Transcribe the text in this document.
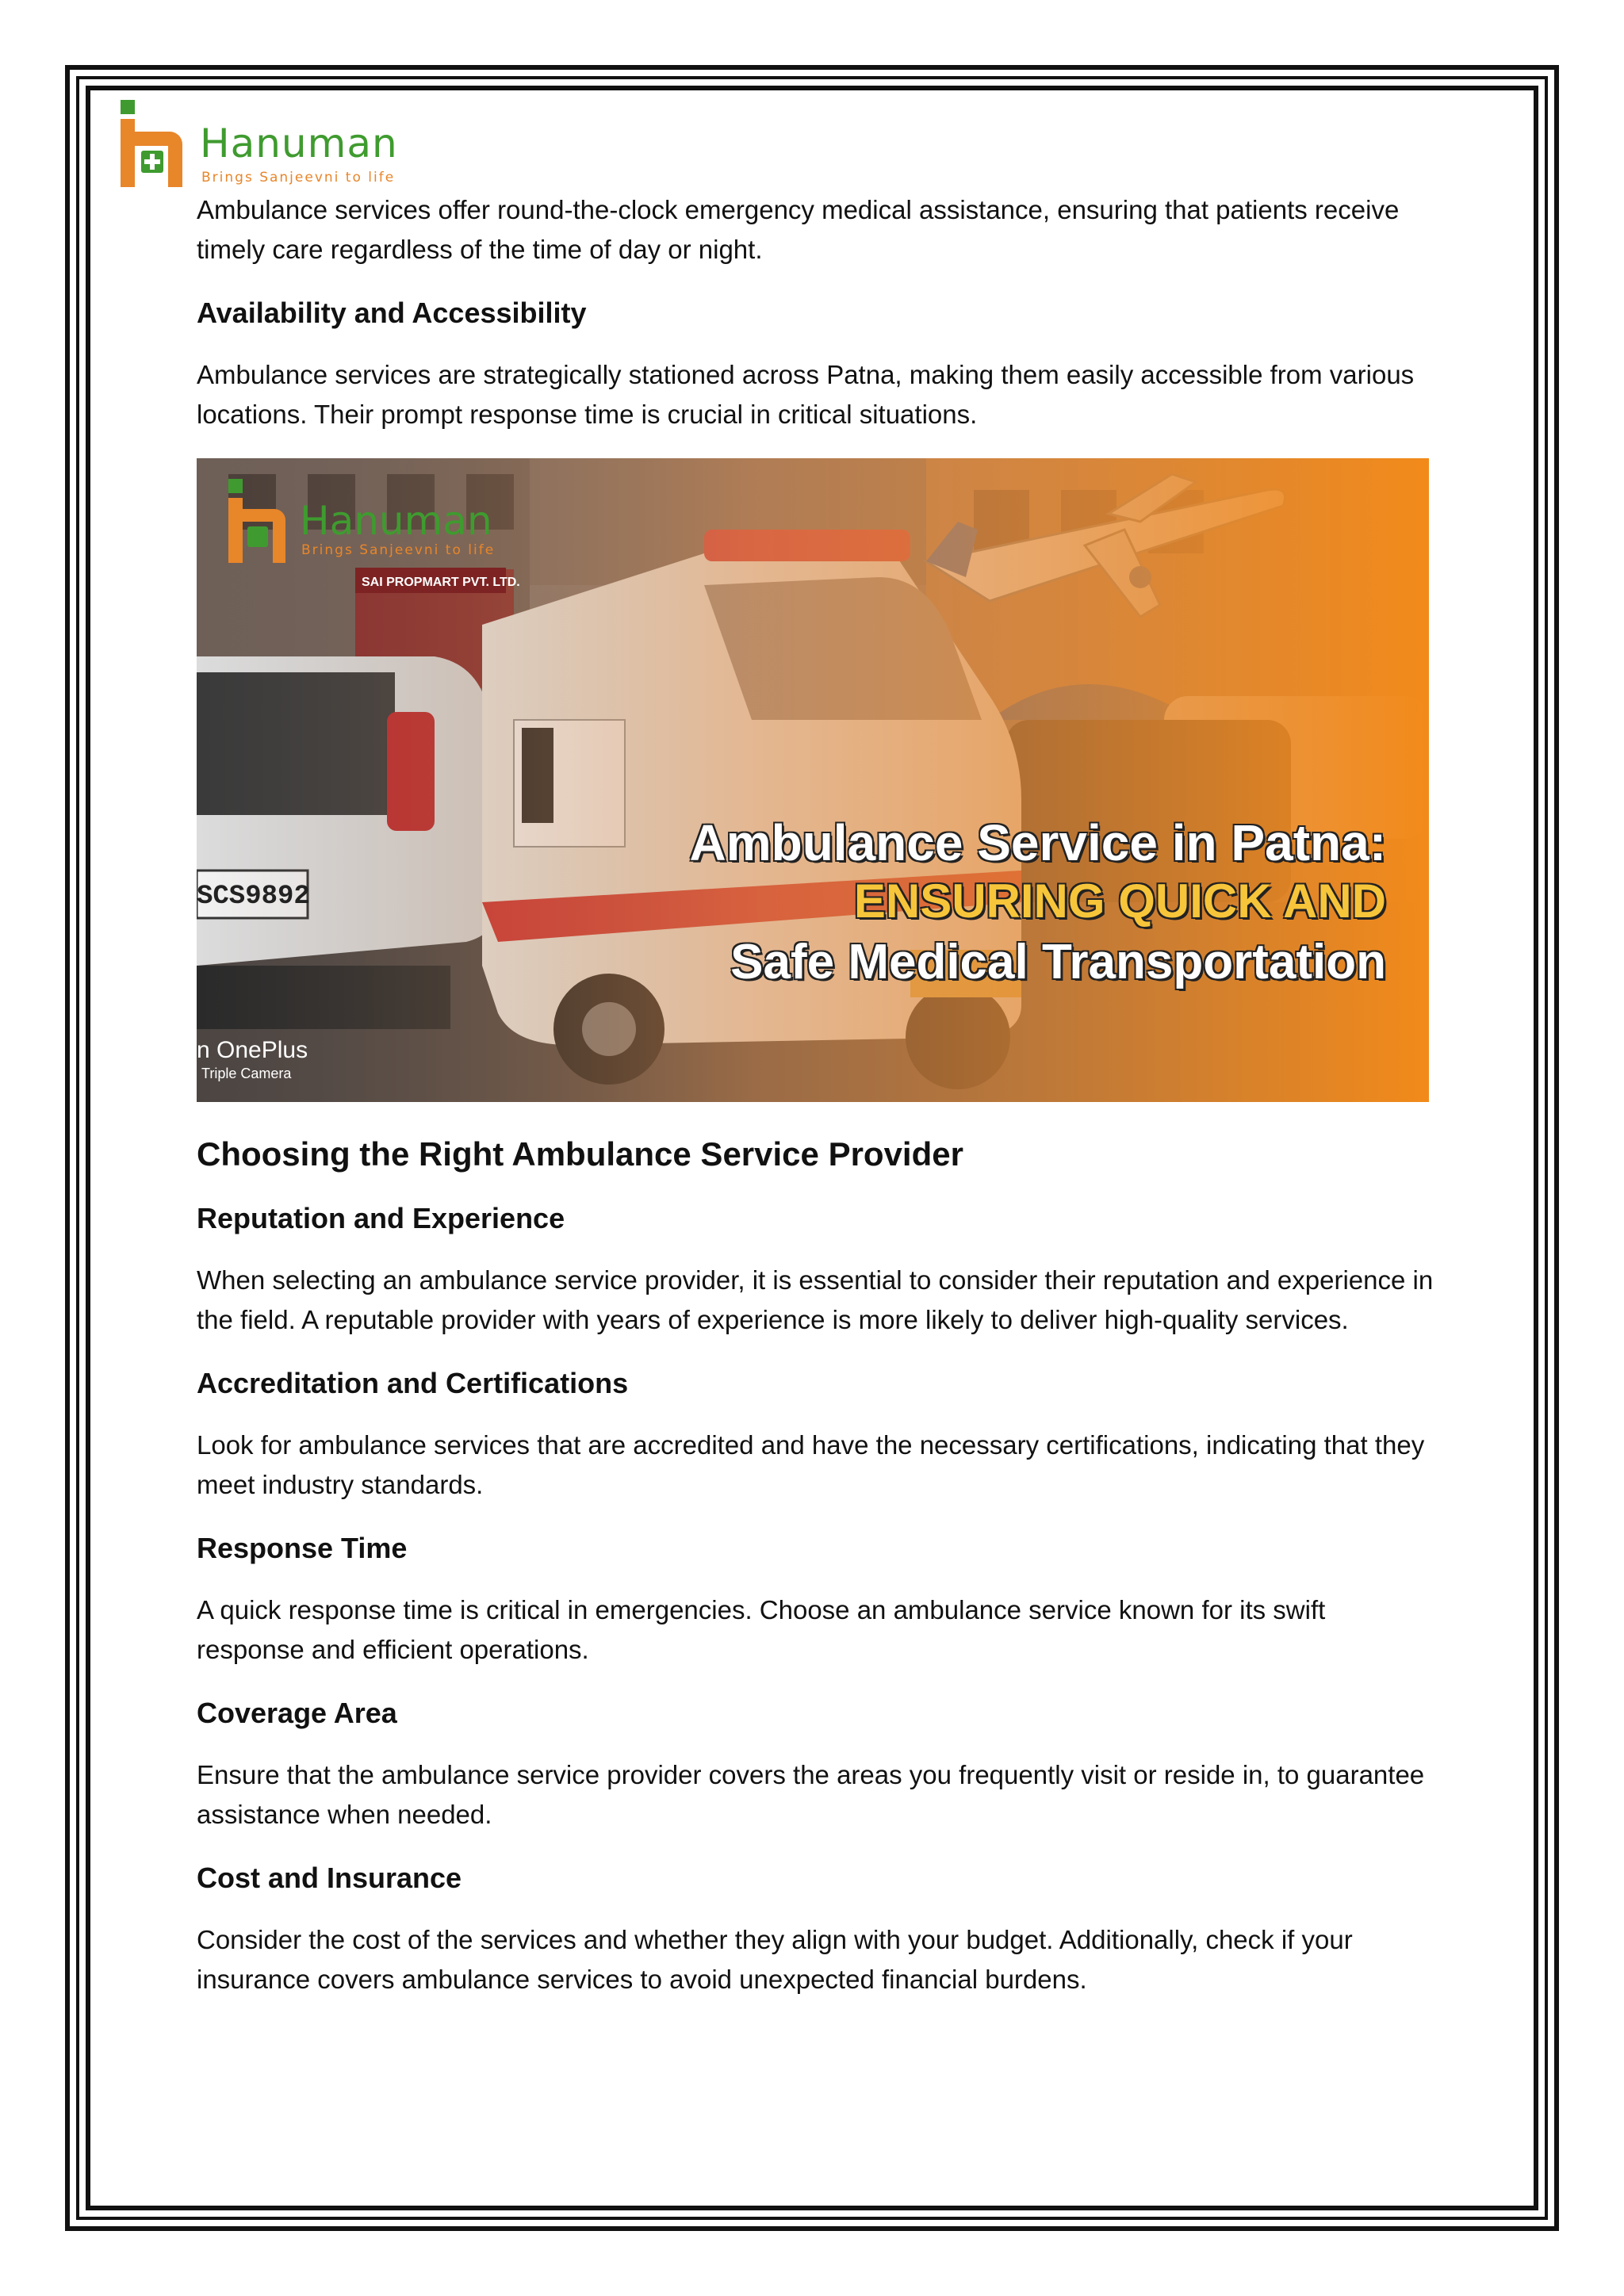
Hanuman
Brings Sanjeevni to life

Ambulance services offer round-the-clock emergency medical assistance, ensuring that patients receive timely care regardless of the time of day or night.

Availability and Accessibility

Ambulance services are strategically stationed across Patna, making them easily accessible from various locations. Their prompt response time is crucial in critical situations.

Hanuman
Brings Sanjeevni to life
SAI PROPMART PVT. LTD.
SCS9892
Ambulance Service in Patna:
ENSURING QUICK AND
Safe Medical Transportation
n OnePlus
Triple Camera
Choosing the Right Ambulance Service Provider
Reputation and Experience

When selecting an ambulance service provider, it is essential to consider their reputation and experience in the field. A reputable provider with years of experience is more likely to deliver high-quality services.

Accreditation and Certifications

Look for ambulance services that are accredited and have the necessary certifications, indicating that they meet industry standards.

Response Time

A quick response time is critical in emergencies. Choose an ambulance service known for its swift response and efficient operations.

Coverage Area

Ensure that the ambulance service provider covers the areas you frequently visit or reside in, to guarantee assistance when needed.

Cost and Insurance

Consider the cost of the services and whether they align with your budget. Additionally, check if your insurance covers ambulance services to avoid unexpected financial burdens.
